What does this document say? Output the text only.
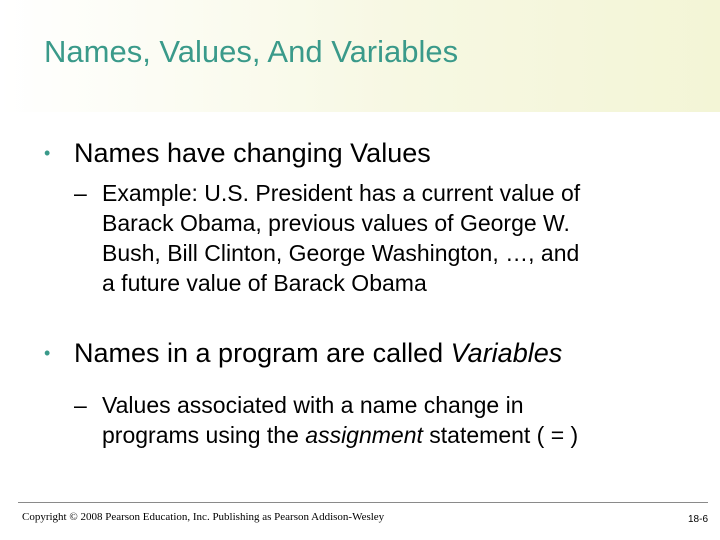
Names, Values, And Variables
• Names have changing Values
– Example: U.S. President has a current value of
Barack Obama, previous values of George W.
Bush, Bill Clinton, George Washington, …, and
a future value of Barack Obama
• Names in a program are called Variables
– Values associated with a name change in
programs using the assignment statement ( = )
Copyright © 2008 Pearson Education, Inc. Publishing as Pearson Addison-Wesley	18-6
